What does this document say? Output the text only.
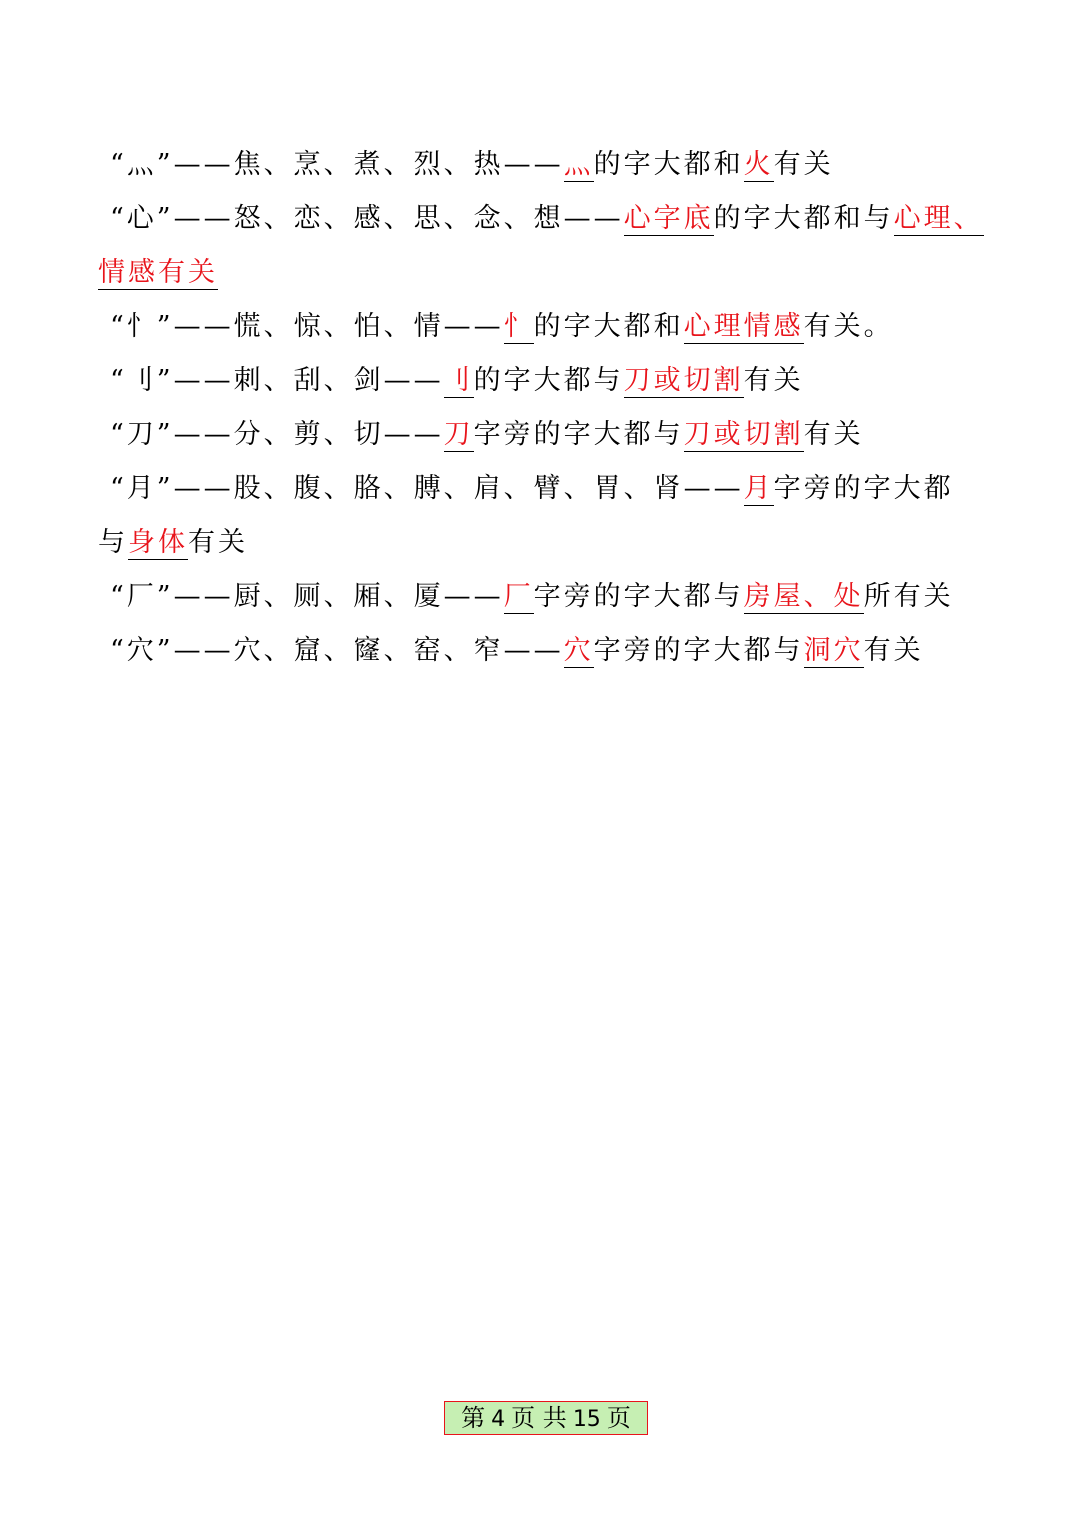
“灬”——焦、烹、煮、烈、热——灬的字大都和火有关
“心”——怒、恋、感、思、念、想——心字底的字大都和与心理、
情感有关
“忄”——慌、惊、怕、情——忄的字大都和心理情感有关。
“刂”——刺、刮、剑——刂的字大都与刀或切割有关
“刀”——分、剪、切——刀字旁的字大都与刀或切割有关
“月”——股、腹、胳、膊、肩、臂、胃、肾——月字旁的字大都
与身体有关
“厂”——厨、厕、厢、厦——厂字旁的字大都与房屋、处所有关
“穴”——穴、窟、窿、窑、窄——穴字旁的字大都与洞穴有关
第 4 页 共 15 页
